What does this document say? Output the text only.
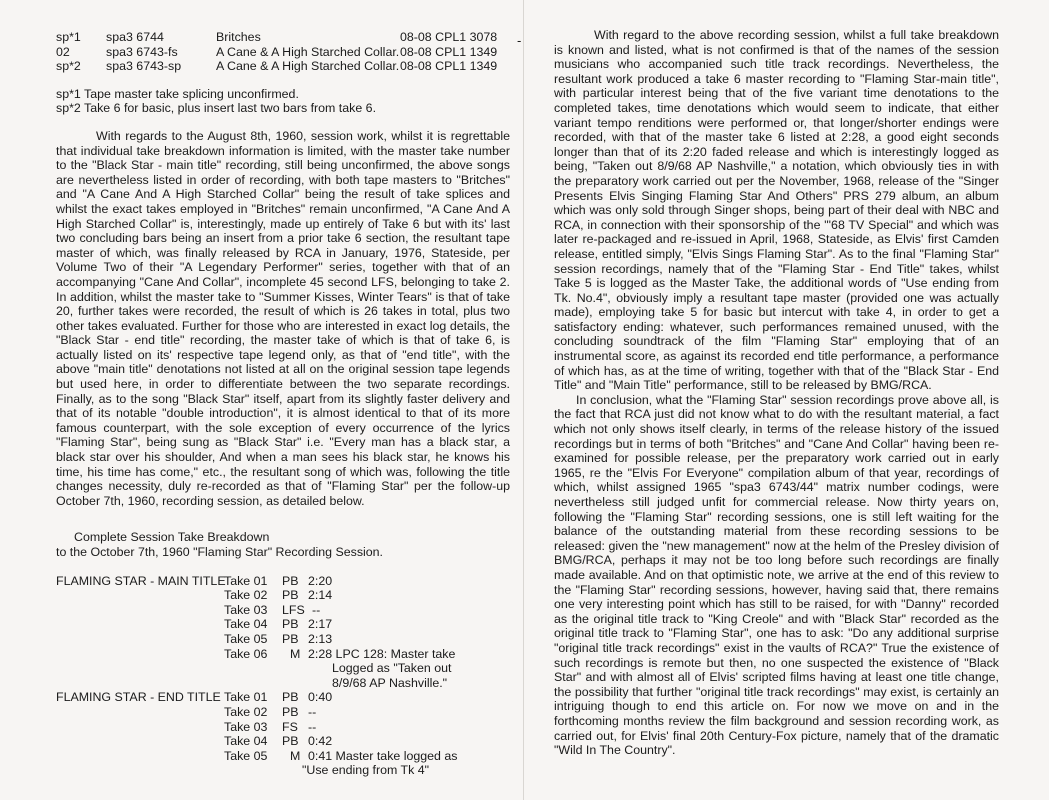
sp*1	spa3 6744	Britches	08-08 CPL1 3078
02	spa3 6743-fs	A Cane & A High Starched Collar. 08-08 CPL1 1349
sp*2	spa3 6743-sp	A Cane & A High Starched Collar. 08-08 CPL1 1349
sp*1 Tape master take splicing unconfirmed.
sp*2 Take 6 for basic, plus insert last two bars from take 6.

With regards to the August 8th, 1960, session work, whilst it is regrettable that individual take breakdown information is limited, with the master take number to the "Black Star - main title" recording, still being unconfirmed, the above songs are nevertheless listed in order of recording, with both tape masters to "Britches" and "A Cane And A High Starched Collar" being the result of take splices and whilst the exact takes employed in "Britches" remain unconfirmed, "A Cane And A High Starched Collar" is, interestingly, made up entirely of Take 6 but with its' last two concluding bars being an insert from a prior take 6 section, the resultant tape master of which, was finally released by RCA in January, 1976, Stateside, per Volume Two of their "A Legendary Performer" series, together with that of an accompanying "Cane And Collar", incomplete 45 second LFS, belonging to take 2. In addition, whilst the master take to "Summer Kisses, Winter Tears" is that of take 20, further takes were recorded, the result of which is 26 takes in total, plus two other takes evaluated. Further for those who are interested in exact log details, the "Black Star - end title" recording, the master take of which is that of take 6, is actually listed on its' respective tape legend only, as that of "end title", with the above "main title" denotations not listed at all on the original session tape legends but used here, in order to differentiate between the two separate recordings. Finally, as to the song "Black Star" itself, apart from its slightly faster delivery and that of its notable "double introduction", it is almost identical to that of its more famous counterpart, with the sole exception of every occurrence of the lyrics "Flaming Star", being sung as "Black Star" i.e. "Every man has a black star, a black star over his shoulder, And when a man sees his black star, he knows his time, his time has come," etc., the resultant song of which was, following the title changes necessity, duly re-recorded as that of "Flaming Star" per the follow-up October 7th, 1960, recording session, as detailed below.

Complete Session Take Breakdown
to the October 7th, 1960 "Flaming Star" Recording Session.
FLAMING STAR - MAIN TITLE
Take 01	PB 2:20
Take 02	PB 2:14
Take 03	LFS --
Take 04	PB 2:17
Take 05	PB 2:13
Take 06	M 2:28 LPC 128: Master take
Logged as "Taken out
8/9/68 AP Nashville."
FLAMING STAR - END TITLE Take 01	PB 0:40
Take 02	PB --
Take 03	FS --
Take 04	PB 0:42
Take 05	M 0:41 Master take logged as
"Use ending from Tk 4"
-	With regard to the above recording session, whilst a full take breakdown is known and listed, what is not confirmed is that of the names of the session musicians who accompanied such title track recordings. Nevertheless, the resultant work produced a take 6 master recording to "Flaming Star-main title", with particular interest being that of the five variant time denotations to the completed takes, time denotations which would seem to indicate, that either variant tempo renditions were performed or, that longer/shorter endings were recorded, with that of the master take 6 listed at 2:28, a good eight seconds longer than that of its 2:20 faded release and which is interestingly logged as being, "Taken out 8/9/68 AP Nashville," a notation, which obviously ties in with the preparatory work carried out per the November, 1968, release of the "Singer Presents Elvis Singing Flaming Star And Others" PRS 279 album, an album which was only sold through Singer shops, being part of their deal with NBC and RCA, in connection with their sponsorship of the "'68 TV Special" and which was later re-packaged and re-issued in April, 1968, Stateside, as Elvis' first Camden release, entitled simply, "Elvis Sings Flaming Star". As to the final "Flaming Star" session recordings, namely that of the "Flaming Star - End Title" takes, whilst Take 5 is logged as the Master Take, the additional words of "Use ending from Tk. No.4", obviously imply a resultant tape master (provided one was actually made), employing take 5 for basic but intercut with take 4, in order to get a satisfactory ending: whatever, such performances remained unused, with the concluding soundtrack of the film "Flaming Star" employing that of an instrumental score, as against its recorded end title performance, a performance of which has, as at the time of writing, together with that of the "Black Star - End Title" and "Main Title" performance, still to be released by BMG/RCA.

In conclusion, what the "Flaming Star" session recordings prove above all, is the fact that RCA just did not know what to do with the resultant material, a fact which not only shows itself clearly, in terms of the release history of the issued recordings but in terms of both "Britches" and "Cane And Collar" having been re-examined for possible release, per the preparatory work carried out in early 1965, re the "Elvis For Everyone" compilation album of that year, recordings of which, whilst assigned 1965 "spa3 6743/44" matrix number codings, were nevertheless still judged unfit for commercial release. Now thirty years on, following the "Flaming Star" recording sessions, one is still left waiting for the balance of the outstanding material from these recording sessions to be released: given the "new management" now at the helm of the Presley division of BMG/RCA, perhaps it may not be too long before such recordings are finally made available. And on that optimistic note, we arrive at the end of this review to the "Flaming Star" recording sessions, however, having said that, there remains one very interesting point which has still to be raised, for with "Danny" recorded as the original title track to "King Creole" and with "Black Star" recorded as the original title track to "Flaming Star", one has to ask: "Do any additional surprise "original title track recordings" exist in the vaults of RCA?" True the existence of such recordings is remote but then, no one suspected the existence of "Black Star" and with almost all of Elvis' scripted films having at least one title change, the possibility that further "original title track recordings" may exist, is certainly an intriguing though to end this article on. For now we move on and in the forthcoming months review the film background and session recording work, as carried out, for Elvis' final 20th Century-Fox picture, namely that of the dramatic "Wild In The Country".
